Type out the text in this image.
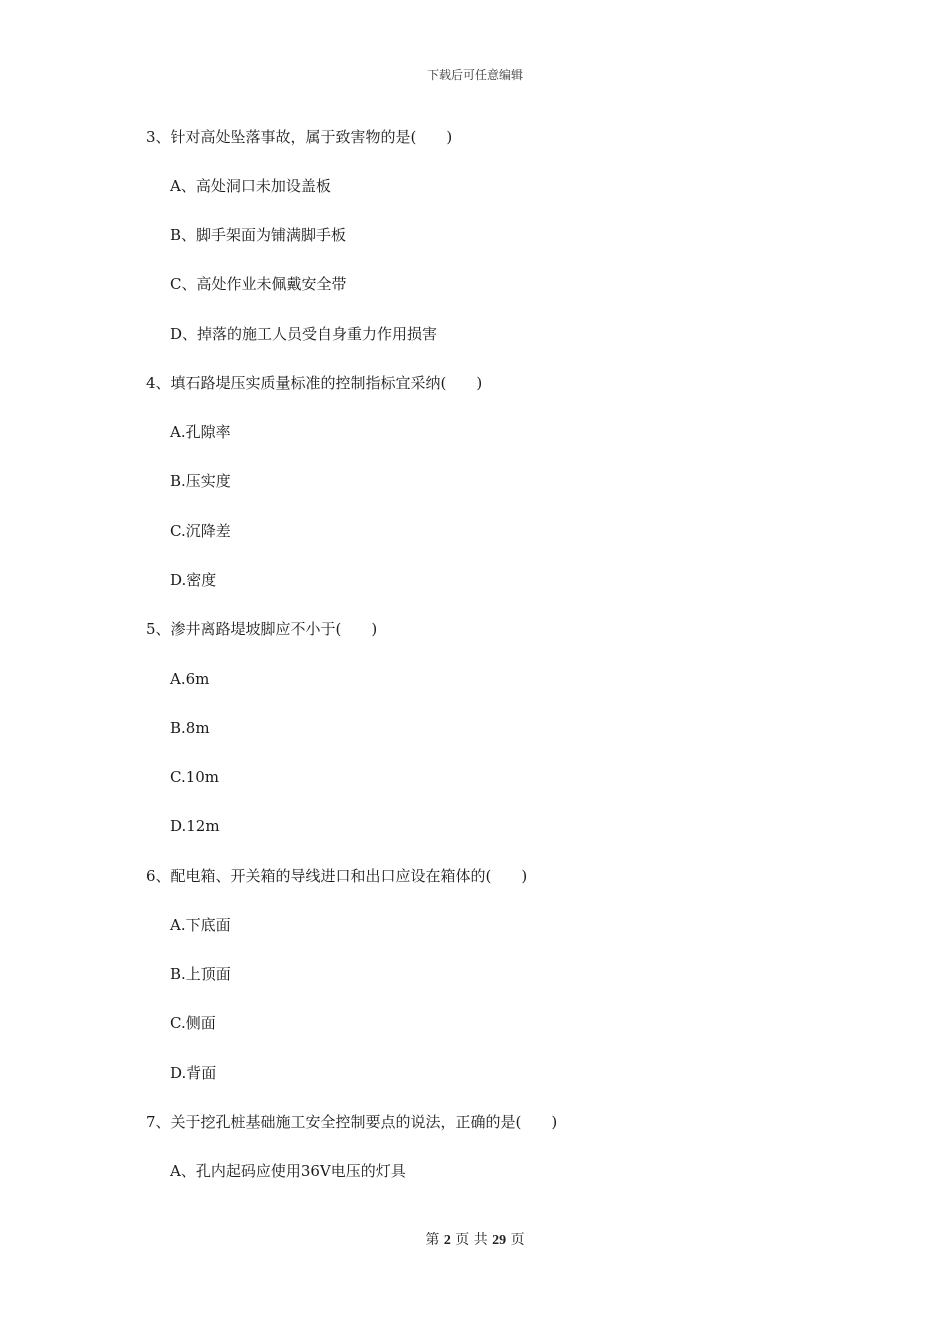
下载后可任意编辑
3、针对高处坠落事故，属于致害物的是(　　)
A、高处洞口未加设盖板
B、脚手架面为铺满脚手板
C、高处作业未佩戴安全带
D、掉落的施工人员受自身重力作用损害
4、填石路堤压实质量标准的控制指标宜采纳(　　)
A.孔隙率
B.压实度
C.沉降差
D.密度
5、渗井离路堤坡脚应不小于(　　)
A.6m
B.8m
C.10m
D.12m
6、配电箱、开关箱的导线进口和出口应设在箱体的(　　)
A.下底面
B.上顶面
C.侧面
D.背面
7、关于挖孔桩基础施工安全控制要点的说法，正确的是(　　)
A、孔内起码应使用36V电压的灯具
第 2 页 共 29 页
